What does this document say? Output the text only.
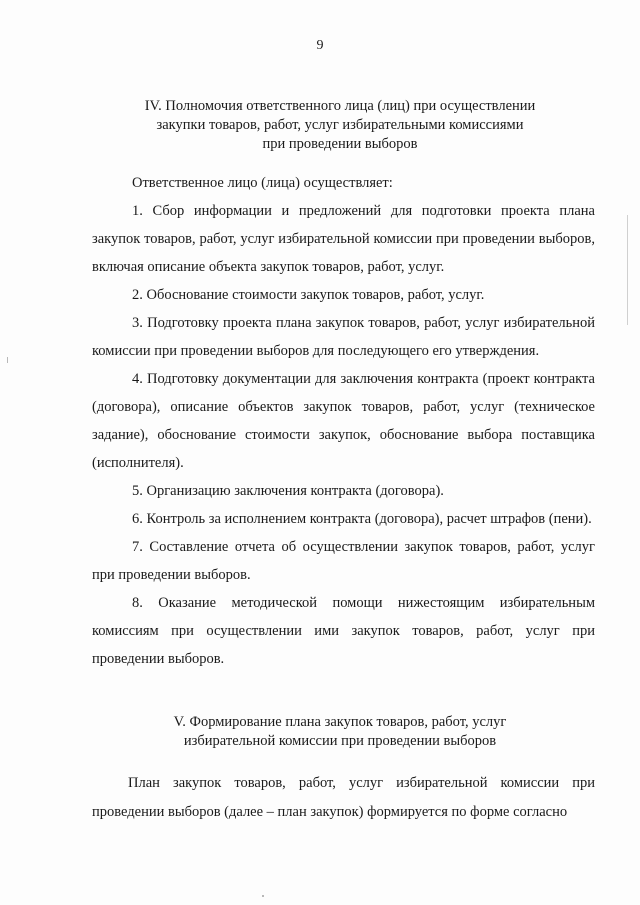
9
IV. Полномочия ответственного лица (лиц) при осуществлении
закупки товаров, работ, услуг избирательными комиссиями
при проведении выборов

Ответственное лицо (лица) осуществляет:

1. Сбор информации и предложений для подготовки проекта плана закупок товаров, работ, услуг избирательной комиссии при проведении выборов, включая описание объекта закупок товаров, работ, услуг.

2. Обоснование стоимости закупок товаров, работ, услуг.

3. Подготовку проекта плана закупок товаров, работ, услуг избирательной комиссии при проведении выборов для последующего его утверждения.

4. Подготовку документации для заключения контракта (проект контракта (договора), описание объектов закупок товаров, работ, услуг (техническое задание), обоснование стоимости закупок, обоснование выбора поставщика (исполнителя).

5. Организацию заключения контракта (договора).

6. Контроль за исполнением контракта (договора), расчет штрафов (пени).

7. Составление отчета об осуществлении закупок товаров, работ, услуг при проведении выборов.

8. Оказание методической помощи нижестоящим избирательным комиссиям при осуществлении ими закупок товаров, работ, услуг при проведении выборов.

V. Формирование плана закупок товаров, работ, услуг
избирательной комиссии при проведении выборов

План закупок товаров, работ, услуг избирательной комиссии при проведении выборов (далее – план закупок) формируется по форме согласно
